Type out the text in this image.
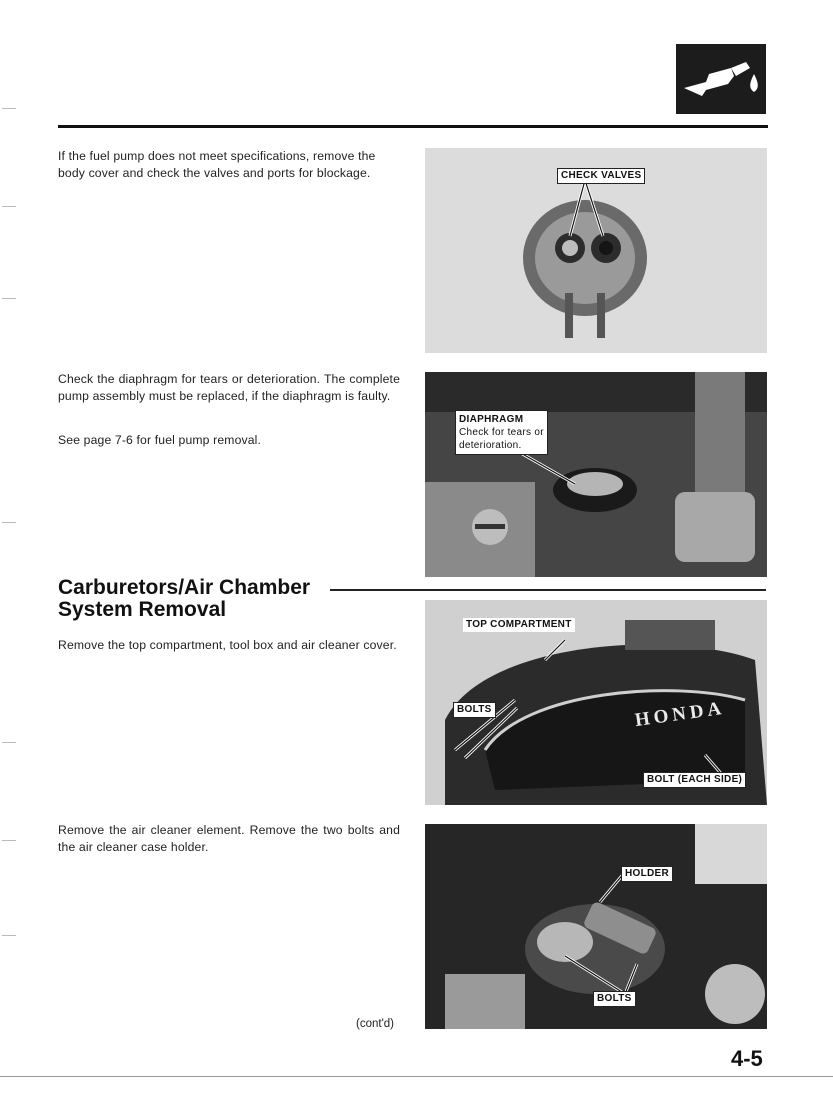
If the fuel pump does not meet specifications, remove the body cover and check the valves and ports for blockage.	CHECK VALVES

Check the diaphragm for tears or deterioration. The complete pump assembly must be replaced, if the diaphragm is faulty.

See page 7-6 for fuel pump removal.

DIAPHRAGM
Check for tears or
deterioration.
Carburetors/Air Chamber
System Removal

Remove the top compartment, tool box and air cleaner cover.

HONDA
TOP COMPARTMENT
BOLTS
BOLT (EACH SIDE)

Remove the air cleaner element. Remove the two bolts and the air cleaner case holder.

HOLDER
BOLTS
(cont'd)
4-5
